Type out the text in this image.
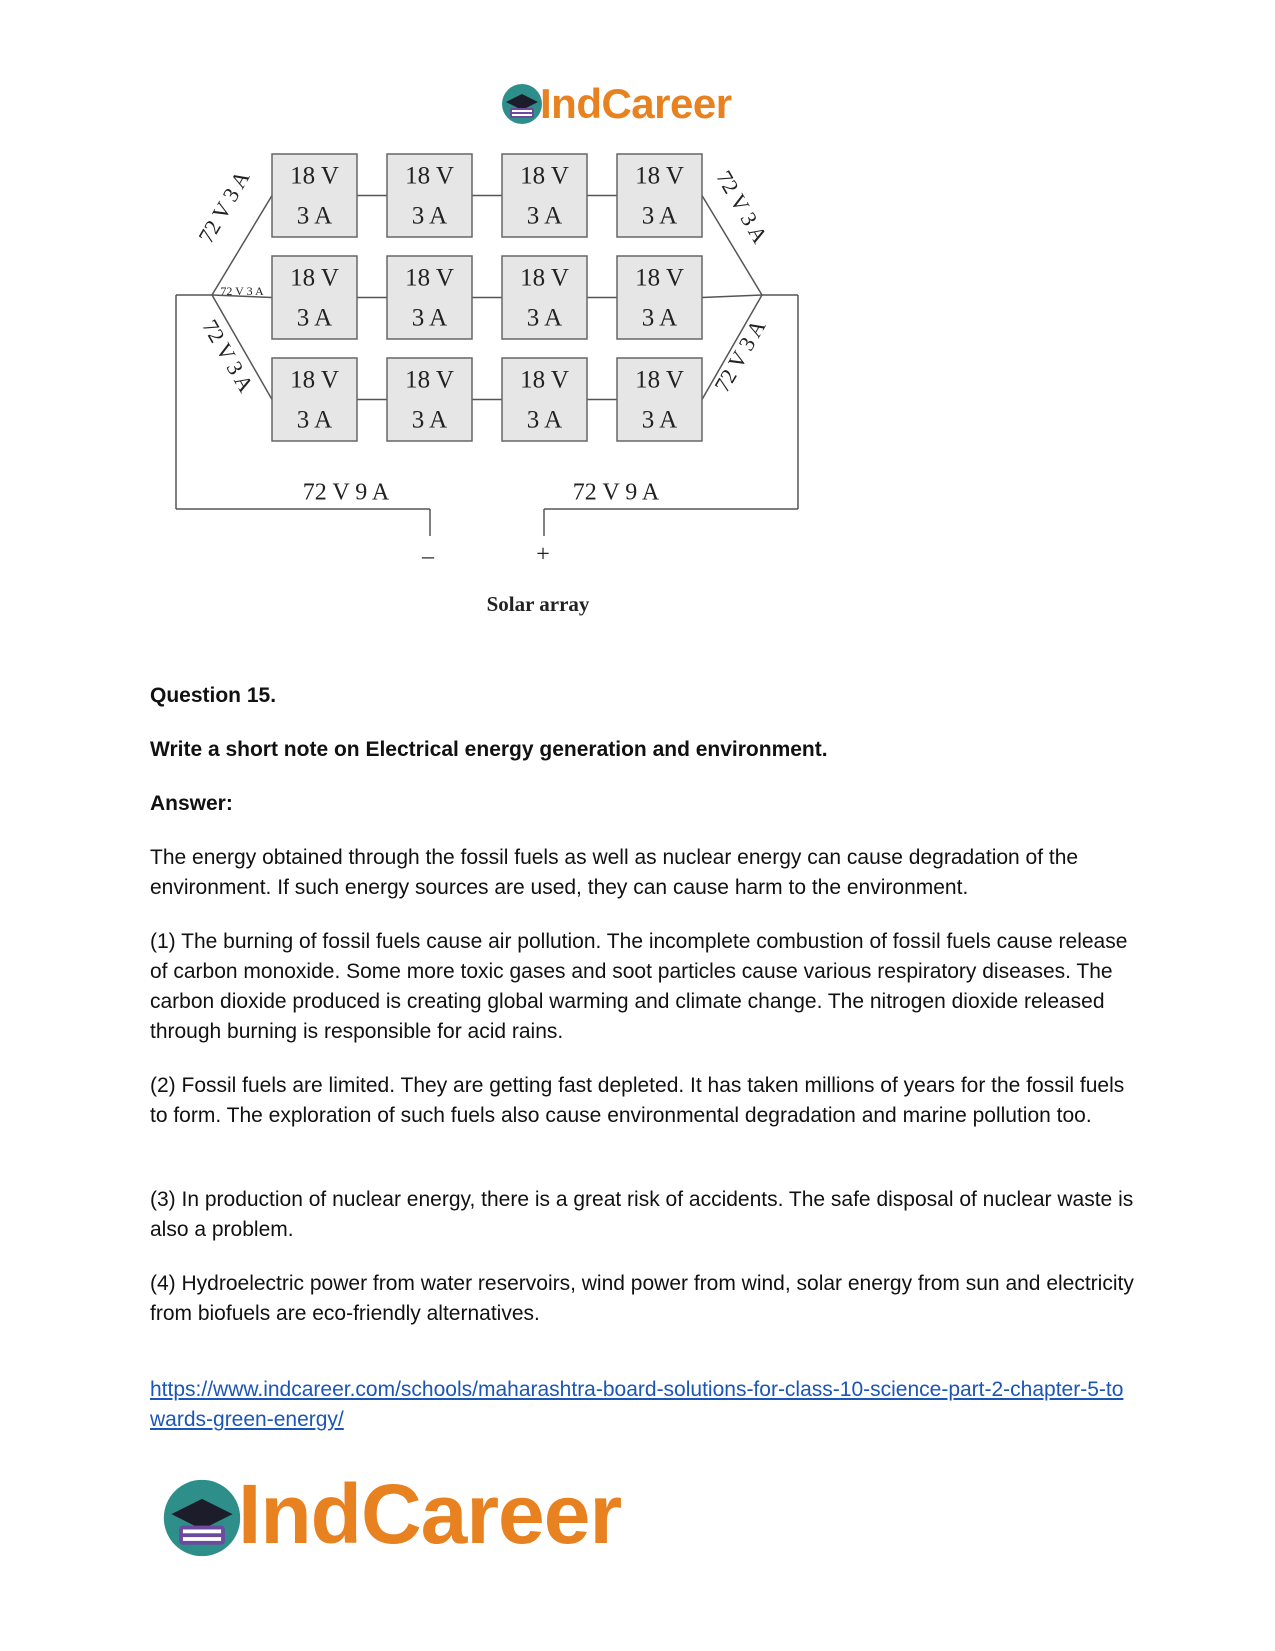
IndCareer
18 V
3 A
18 V
3 A
18 V
3 A
18 V
3 A
18 V
3 A
18 V
3 A
18 V
3 A
18 V
3 A
18 V
3 A
18 V
3 A
18 V
3 A
18 V
3 A
72 V 3 A
72 V 3 A
72 V 3 A
72 V 3 A
72 V 3 A
72 V 9 A	72 V 9 A
–	+
Solar array
Question 15.
Write a short note on Electrical energy generation and environment.
Answer:
The energy obtained through the fossil fuels as well as nuclear energy can cause degradation of the environment. If such energy sources are used, they can cause harm to the environment.
(1) The burning of fossil fuels cause air pollution. The incomplete combustion of fossil fuels cause release of carbon monoxide. Some more toxic gases and soot particles cause various respiratory diseases. The carbon dioxide produced is creating global warming and climate change. The nitrogen dioxide released through burning is responsible for acid rains.
(2) Fossil fuels are limited. They are getting fast depleted. It has taken millions of years for the fossil fuels to form. The exploration of such fuels also cause environmental degradation and marine pollution too.
(3) In production of nuclear energy, there is a great risk of accidents. The safe disposal of nuclear waste is also a problem.
(4) Hydroelectric power from water reservoirs, wind power from wind, solar energy from sun and electricity from biofuels are eco-friendly alternatives.
https://www.indcareer.com/schools/maharashtra-board-solutions-for-class-10-science-part-2-chapter-5-towards-green-energy/
IndCareer
